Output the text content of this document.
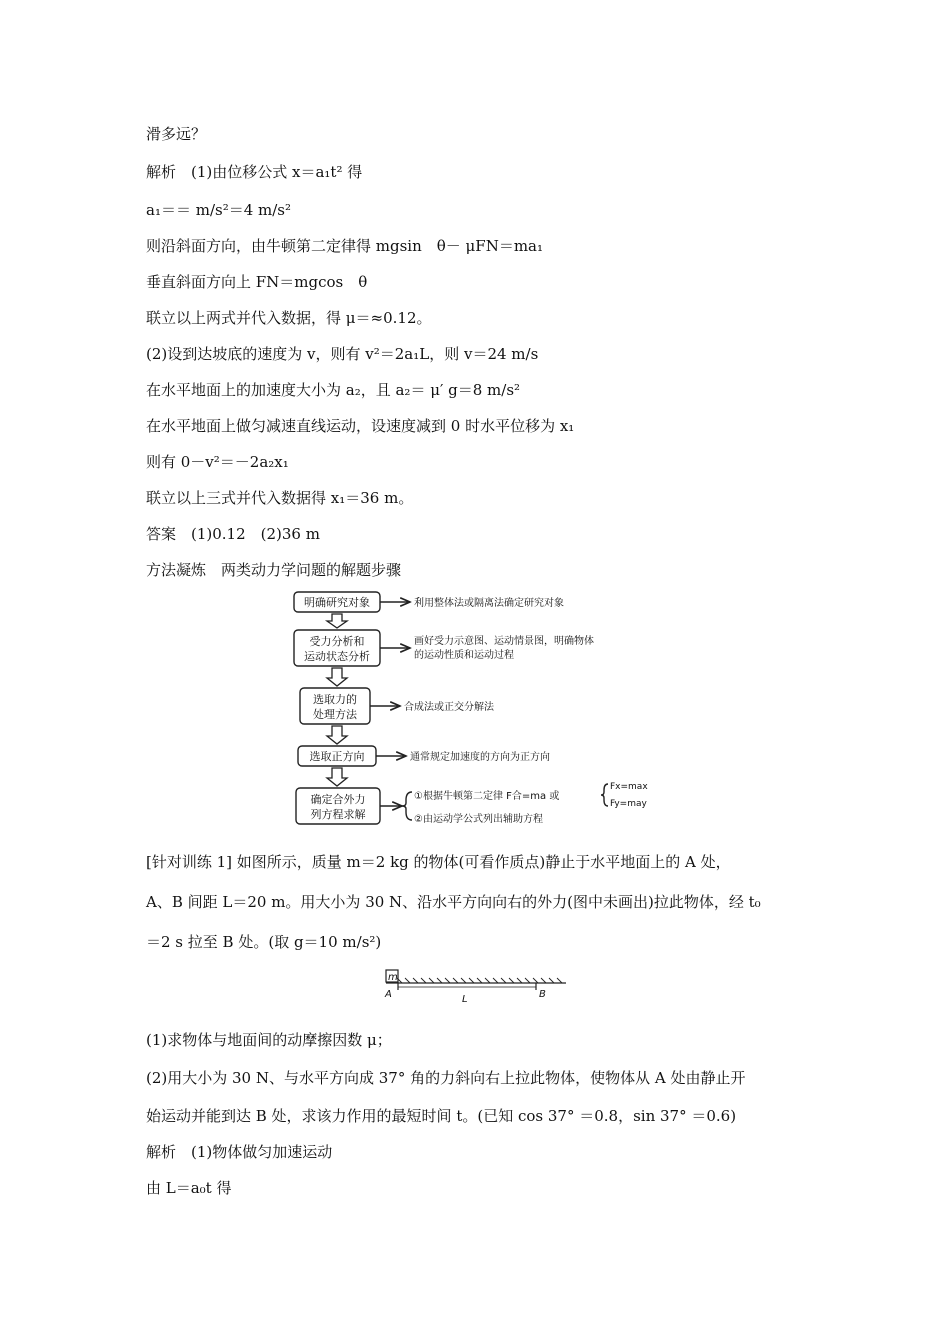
滑多远？
解析　(1)由位移公式 x＝a₁t² 得
a₁＝＝ m/s²＝4 m/s²
则沿斜面方向，由牛顿第二定律得 mgsin　θ－ μFN＝ma₁
垂直斜面方向上 FN＝mgcos　θ
联立以上两式并代入数据，得 μ＝≈0.12。
(2)设到达坡底的速度为 v，则有 v²＝2a₁L，则 v＝24 m/s
在水平地面上的加速度大小为 a₂，且 a₂＝ μ′ g＝8 m/s²
在水平地面上做匀减速直线运动，设速度减到 0 时水平位移为 x₁
则有 0－v²＝－2a₂x₁
联立以上三式并代入数据得 x₁＝36 m。
答案　(1)0.12　(2)36 m
方法凝炼　两类动力学问题的解题步骤
明确研究对象
受力分析和
运动状态分析
选取力的
处理方法
选取正方向
确定合外力
列方程求解
利用整体法或隔离法确定研究对象
画好受力示意图、运动情景图，明确物体
的运动性质和运动过程
合成法或正交分解法
通常规定加速度的方向为正方向
①根据牛顿第二定律 F合=ma 或
②由运动学公式列出辅助方程
Fx=max
Fy=may
[针对训练 1] 如图所示，质量 m＝2 kg 的物体(可看作质点)静止于水平地面上的 A 处，
A、B 间距 L＝20 m。用大小为 30 N、沿水平方向向右的外力(图中未画出)拉此物体，经 t₀
＝2 s 拉至 B 处。(取 g＝10 m/s²)
m
A	B
L
(1)求物体与地面间的动摩擦因数 μ；
(2)用大小为 30 N、与水平方向成 37° 角的力斜向右上拉此物体，使物体从 A 处由静止开
始运动并能到达 B 处，求该力作用的最短时间 t。(已知 cos 37° ＝0.8，sin 37° ＝0.6)
解析　(1)物体做匀加速运动
由 L＝a₀t 得
